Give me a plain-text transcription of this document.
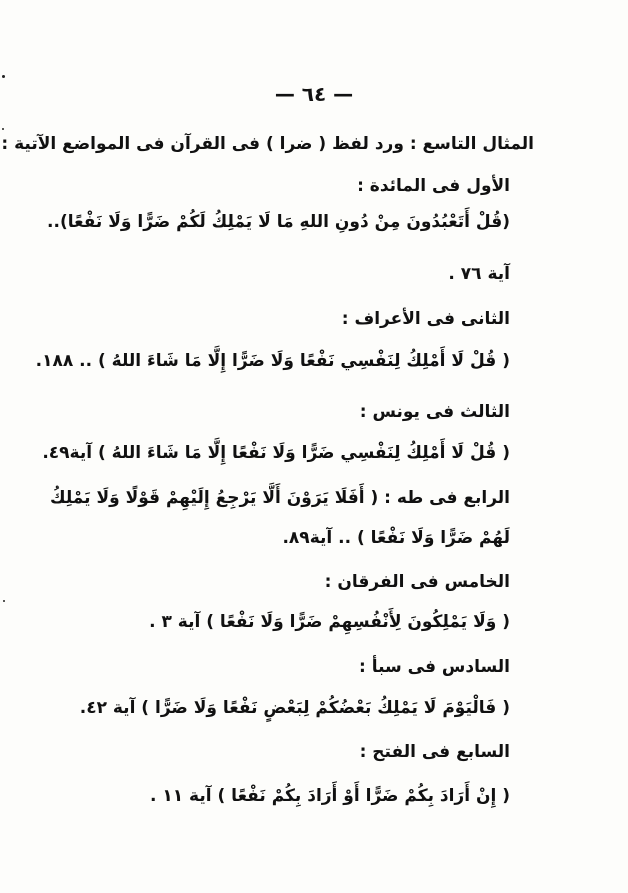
— ٦٤ —
المثال التاسع : ورد لفظ ( ضرا ) فى القرآن فى المواضع الآتية :
الأول فى المائدة :
(قُلْ أَتَعْبُدُونَ مِنْ دُونِ اللهِ مَا لَا يَمْلِكُ لَكُمْ ضَرًّا وَلَا نَفْعًا)..
آية ٧٦ .
الثانى فى الأعراف :
( قُلْ لَا أَمْلِكُ لِنَفْسِي نَفْعًا وَلَا ضَرًّا إِلَّا مَا شَاءَ اللهُ ) .. ١٨٨.
الثالث فى يونس :
( قُلْ لَا أَمْلِكُ لِنَفْسِي ضَرًّا وَلَا نَفْعًا إِلَّا مَا شَاءَ اللهُ ) آية٤٩.
الرابع فى طه : ( أَفَلَا يَرَوْنَ أَلَّا يَرْجِعُ إِلَيْهِمْ قَوْلًا وَلَا يَمْلِكُ
لَهُمْ ضَرًّا وَلَا نَفْعًا ) .. آية٨٩.
الخامس فى الفرقان :
( وَلَا يَمْلِكُونَ لِأَنْفُسِهِمْ ضَرًّا وَلَا نَفْعًا ) آية ٣ .
السادس فى سبأ :
( فَالْيَوْمَ لَا يَمْلِكُ بَعْضُكُمْ لِبَعْضٍ نَفْعًا وَلَا ضَرًّا ) آية ٤٢.
السابع فى الفتح :
( إِنْ أَرَادَ بِكُمْ ضَرًّا أَوْ أَرَادَ بِكُمْ نَفْعًا ) آية ١١ .
